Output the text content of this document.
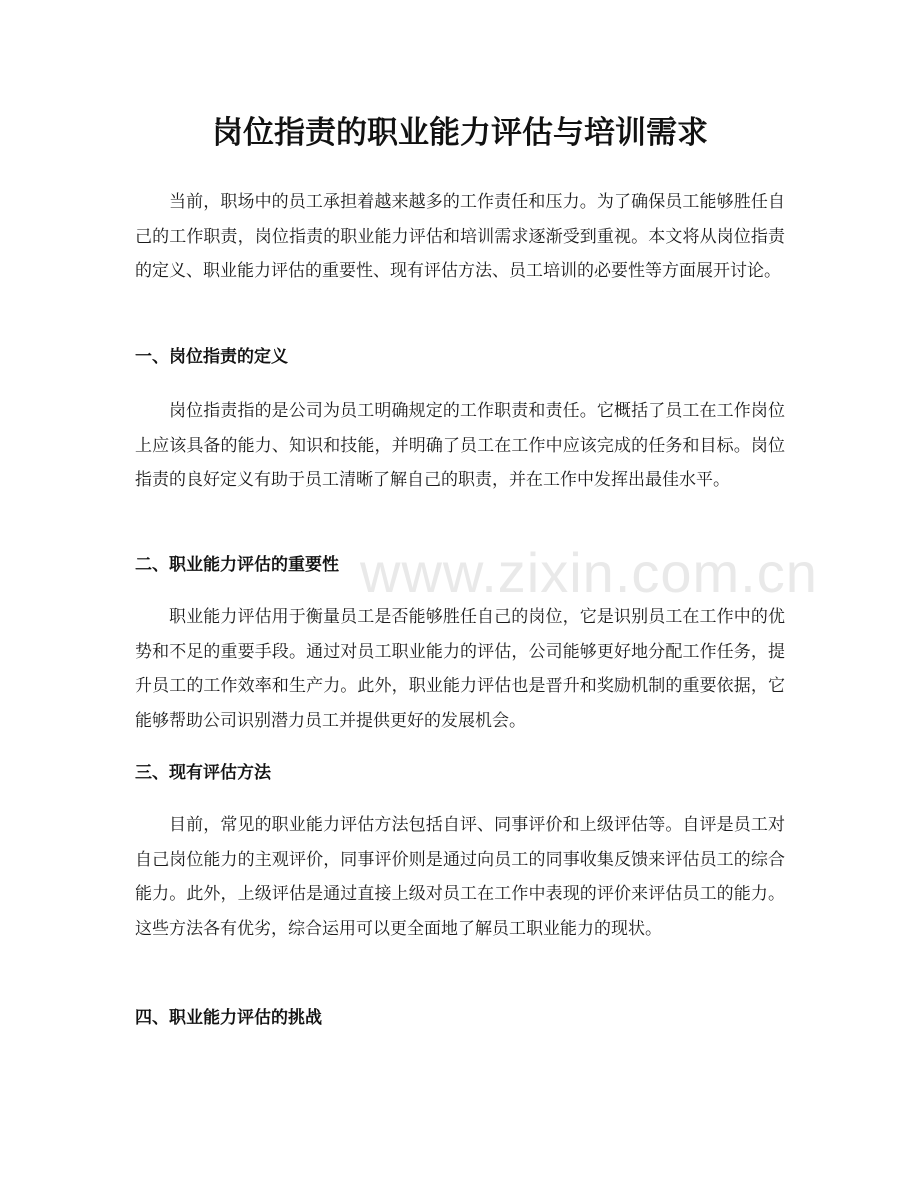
www.zixin.com.cn
岗位指责的职业能力评估与培训需求

当前，职场中的员工承担着越来越多的工作责任和压力。为了确保员工能够胜任自己的工作职责，岗位指责的职业能力评估和培训需求逐渐受到重视。本文将从岗位指责的定义、职业能力评估的重要性、现有评估方法、员工培训的必要性等方面展开讨论。

一、岗位指责的定义

岗位指责指的是公司为员工明确规定的工作职责和责任。它概括了员工在工作岗位上应该具备的能力、知识和技能，并明确了员工在工作中应该完成的任务和目标。岗位指责的良好定义有助于员工清晰了解自己的职责，并在工作中发挥出最佳水平。

二、职业能力评估的重要性

职业能力评估用于衡量员工是否能够胜任自己的岗位，它是识别员工在工作中的优势和不足的重要手段。通过对员工职业能力的评估，公司能够更好地分配工作任务，提升员工的工作效率和生产力。此外，职业能力评估也是晋升和奖励机制的重要依据，它能够帮助公司识别潜力员工并提供更好的发展机会。

三、现有评估方法

目前，常见的职业能力评估方法包括自评、同事评价和上级评估等。自评是员工对自己岗位能力的主观评价，同事评价则是通过向员工的同事收集反馈来评估员工的综合能力。此外，上级评估是通过直接上级对员工在工作中表现的评价来评估员工的能力。这些方法各有优劣，综合运用可以更全面地了解员工职业能力的现状。

四、职业能力评估的挑战
